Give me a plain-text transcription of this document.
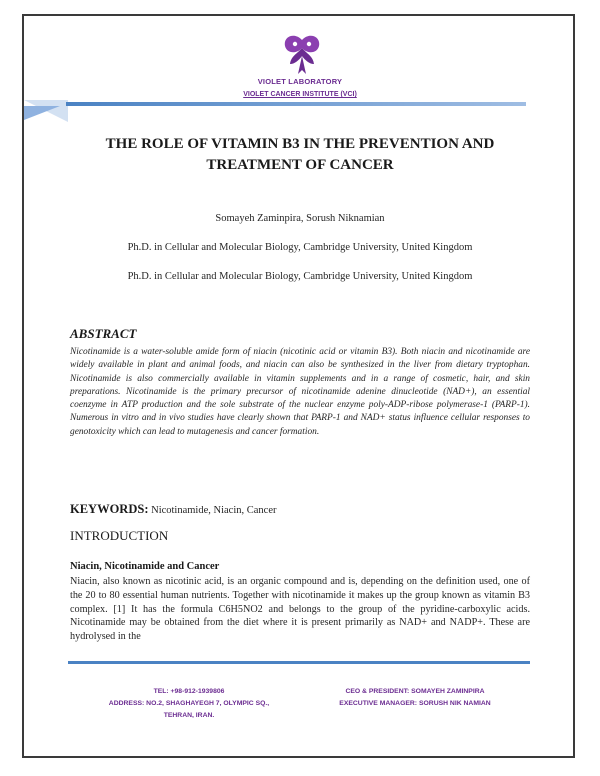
VIOLET LABORATORY
VIOLET CANCER INSTITUTE (VCI)
THE ROLE OF VITAMIN B3 IN THE PREVENTION AND
TREATMENT OF CANCER
Somayeh Zaminpira, Sorush Niknamian
Ph.D. in Cellular and Molecular Biology, Cambridge University, United Kingdom
Ph.D. in Cellular and Molecular Biology, Cambridge University, United Kingdom
ABSTRACT
Nicotinamide is a water-soluble amide form of niacin (nicotinic acid or vitamin B3). Both niacin and nicotinamide are widely available in plant and animal foods, and niacin can also be synthesized in the liver from dietary tryptophan. Nicotinamide is also commercially available in vitamin supplements and in a range of cosmetic, hair, and skin preparations. Nicotinamide is the primary precursor of nicotinamide adenine dinucleotide (NAD+), an essential coenzyme in ATP production and the sole substrate of the nuclear enzyme poly-ADP-ribose polymerase-1 (PARP-1). Numerous in vitro and in vivo studies have clearly shown that PARP-1 and NAD+ status influence cellular responses to genotoxicity which can lead to mutagenesis and cancer formation.
KEYWORDS: Nicotinamide, Niacin, Cancer
INTRODUCTION
Niacin, Nicotinamide and Cancer
Niacin, also known as nicotinic acid, is an organic compound and is, depending on the definition used, one of the 20 to 80 essential human nutrients. Together with nicotinamide it makes up the group known as vitamin B3 complex. [1] It has the formula C6H5NO2 and belongs to the group of the pyridine-carboxylic acids. Nicotinamide may be obtained from the diet where it is present primarily as NAD+ and NADP+. These are hydrolysed in the
TEL: +98-912-1939806
ADDRESS: NO.2, SHAGHAYEGH 7, OLYMPIC SQ.,
TEHRAN, IRAN.
CEO & PRESIDENT: SOMAYEH ZAMINPIRA
EXECUTIVE MANAGER: SORUSH NIK NAMIAN
